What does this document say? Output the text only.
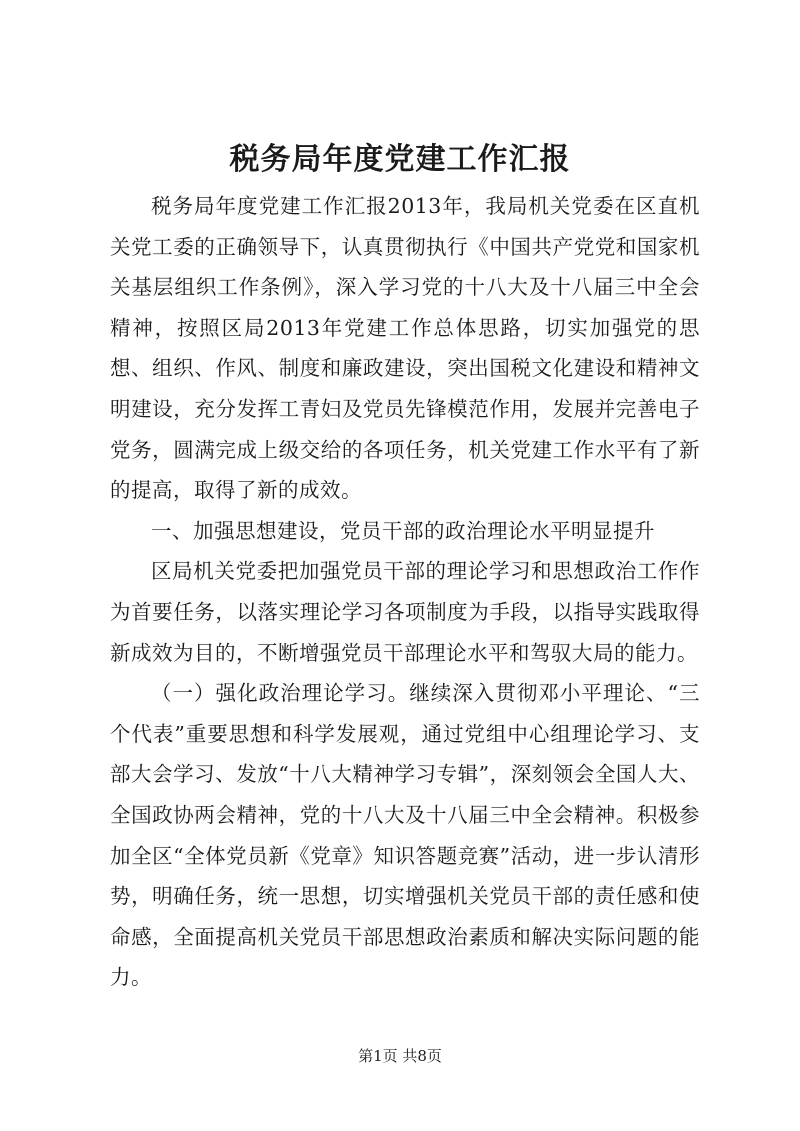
税务局年度党建工作汇报

税务局年度党建工作汇报2013年，我局机关党委在区直机关党工委的正确领导下，认真贯彻执行《中国共产党党和国家机关基层组织工作条例》，深入学习党的十八大及十八届三中全会精神，按照区局2013年党建工作总体思路，切实加强党的思想、组织、作风、制度和廉政建设，突出国税文化建设和精神文明建设，充分发挥工青妇及党员先锋模范作用，发展并完善电子党务，圆满完成上级交给的各项任务，机关党建工作水平有了新的提高，取得了新的成效。

一、加强思想建设，党员干部的政治理论水平明显提升

区局机关党委把加强党员干部的理论学习和思想政治工作作为首要任务，以落实理论学习各项制度为手段，以指导实践取得新成效为目的，不断增强党员干部理论水平和驾驭大局的能力。

（一）强化政治理论学习。继续深入贯彻邓小平理论、“三个代表”重要思想和科学发展观，通过党组中心组理论学习、支部大会学习、发放“十八大精神学习专辑”，深刻领会全国人大、全国政协两会精神，党的十八大及十八届三中全会精神。积极参加全区“全体党员新《党章》知识答题竞赛”活动，进一步认清形势，明确任务，统一思想，切实增强机关党员干部的责任感和使命感，全面提高机关党员干部思想政治素质和解决实际问题的能力。

第1页 共8页
